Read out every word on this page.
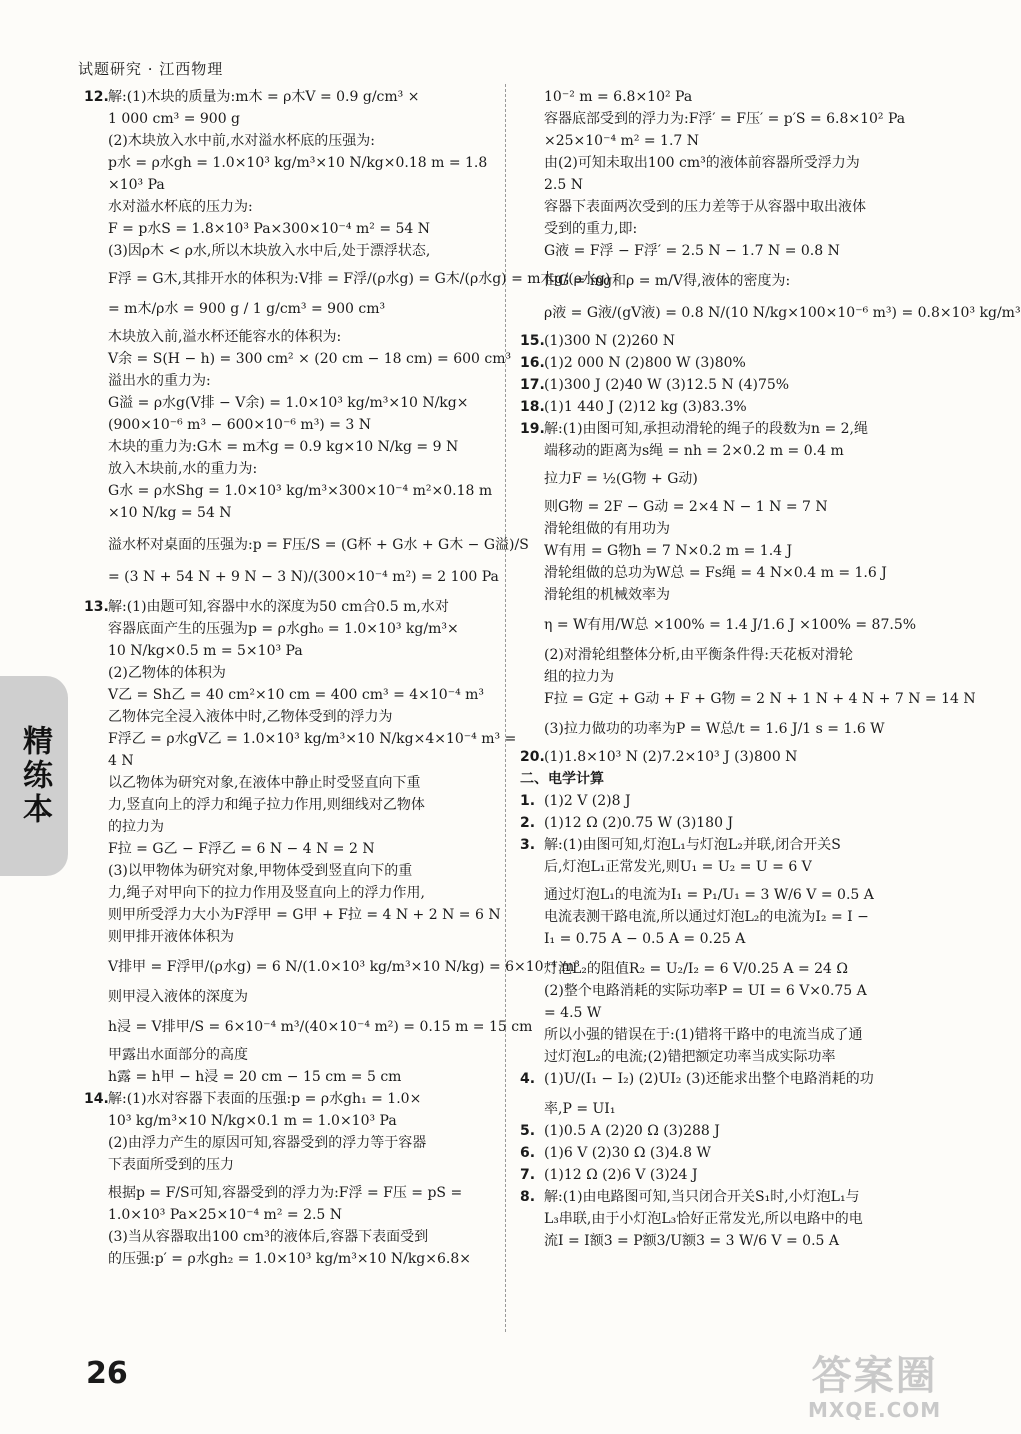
试题研究 · 江西物理
精练本
12. 解:(1)木块的质量为:m木 = ρ木V = 0.9 g/cm³ ×
1 000 cm³ = 900 g
(2)木块放入水中前,水对溢水杯底的压强为:
p水 = ρ水gh = 1.0×10³ kg/m³×10 N/kg×0.18 m = 1.8
×10³ Pa
水对溢水杯底的压力为:
F = p水S = 1.8×10³ Pa×300×10⁻⁴ m² = 54 N
(3)因ρ木 < ρ水,所以木块放入水中后,处于漂浮状态,
F浮 = G木,其排开水的体积为:V排 = F浮/(ρ水g) = G木/(ρ水g) = m木g/(ρ水g)
= m木/ρ水 = 900 g / 1 g/cm³ = 900 cm³
木块放入前,溢水杯还能容水的体积为:
V余 = S(H − h) = 300 cm² × (20 cm − 18 cm) = 600 cm³
溢出水的重力为:
G溢 = ρ水g(V排 − V余) = 1.0×10³ kg/m³×10 N/kg×
(900×10⁻⁶ m³ − 600×10⁻⁶ m³) = 3 N
木块的重力为:G木 = m木g = 0.9 kg×10 N/kg = 9 N
放入木块前,水的重力为:
G水 = ρ水Shg = 1.0×10³ kg/m³×300×10⁻⁴ m²×0.18 m
×10 N/kg = 54 N
溢水杯对桌面的压强为:p = F压/S = (G杯 + G水 + G木 − G溢)/S
= (3 N + 54 N + 9 N − 3 N)/(300×10⁻⁴ m²) = 2 100 Pa
13. 解:(1)由题可知,容器中水的深度为50 cm合0.5 m,水对
容器底面产生的压强为p = ρ水gh₀ = 1.0×10³ kg/m³×
10 N/kg×0.5 m = 5×10³ Pa
(2)乙物体的体积为
V乙 = Sh乙 = 40 cm²×10 cm = 400 cm³ = 4×10⁻⁴ m³
乙物体完全浸入液体中时,乙物体受到的浮力为
F浮乙 = ρ水gV乙 = 1.0×10³ kg/m³×10 N/kg×4×10⁻⁴ m³ =
4 N
以乙物体为研究对象,在液体中静止时受竖直向下重
力,竖直向上的浮力和绳子拉力作用,则细线对乙物体
的拉力为
F拉 = G乙 − F浮乙 = 6 N − 4 N = 2 N
(3)以甲物体为研究对象,甲物体受到竖直向下的重
力,绳子对甲向下的拉力作用及竖直向上的浮力作用,
则甲所受浮力大小为F浮甲 = G甲 + F拉 = 4 N + 2 N = 6 N
则甲排开液体体积为
V排甲 = F浮甲/(ρ水g) = 6 N/(1.0×10³ kg/m³×10 N/kg) = 6×10⁻⁴ m³
则甲浸入液体的深度为
h浸 = V排甲/S = 6×10⁻⁴ m³/(40×10⁻⁴ m²) = 0.15 m = 15 cm
甲露出水面部分的高度
h露 = h甲 − h浸 = 20 cm − 15 cm = 5 cm
14. 解:(1)水对容器下表面的压强:p = ρ水gh₁ = 1.0×
10³ kg/m³×10 N/kg×0.1 m = 1.0×10³ Pa
(2)由浮力产生的原因可知,容器受到的浮力等于容器
下表面所受到的压力
根据p = F/S可知,容器受到的浮力为:F浮 = F压 = pS =
1.0×10³ Pa×25×10⁻⁴ m² = 2.5 N
(3)当从容器取出100 cm³的液体后,容器下表面受到
的压强:p′ = ρ水gh₂ = 1.0×10³ kg/m³×10 N/kg×6.8×
10⁻² m = 6.8×10² Pa
容器底部受到的浮力为:F浮′ = F压′ = p′S = 6.8×10² Pa
×25×10⁻⁴ m² = 1.7 N
由(2)可知未取出100 cm³的液体前容器所受浮力为
2.5 N
容器下表面两次受到的压力差等于从容器中取出液体
受到的重力,即:
G液 = F浮 − F浮′ = 2.5 N − 1.7 N = 0.8 N
由G = mg和ρ = m/V得,液体的密度为:
ρ液 = G液/(gV液) = 0.8 N/(10 N/kg×100×10⁻⁶ m³) = 0.8×10³ kg/m³
15. (1)300 N (2)260 N
16. (1)2 000 N (2)800 W (3)80%
17. (1)300 J (2)40 W (3)12.5 N (4)75%
18. (1)1 440 J (2)12 kg (3)83.3%
19. 解:(1)由图可知,承担动滑轮的绳子的段数为n = 2,绳
端移动的距离为s绳 = nh = 2×0.2 m = 0.4 m
拉力F = ½(G物 + G动)
则G物 = 2F − G动 = 2×4 N − 1 N = 7 N
滑轮组做的有用功为
W有用 = G物h = 7 N×0.2 m = 1.4 J
滑轮组做的总功为W总 = Fs绳 = 4 N×0.4 m = 1.6 J
滑轮组的机械效率为
η = W有用/W总 ×100% = 1.4 J/1.6 J ×100% = 87.5%
(2)对滑轮组整体分析,由平衡条件得:天花板对滑轮
组的拉力为
F拉 = G定 + G动 + F + G物 = 2 N + 1 N + 4 N + 7 N = 14 N
(3)拉力做功的功率为P = W总/t = 1.6 J/1 s = 1.6 W
20. (1)1.8×10³ N (2)7.2×10³ J (3)800 N
二、电学计算
1. (1)2 V (2)8 J
2. (1)12 Ω (2)0.75 W (3)180 J
3. 解:(1)由图可知,灯泡L₁与灯泡L₂并联,闭合开关S
后,灯泡L₁正常发光,则U₁ = U₂ = U = 6 V
通过灯泡L₁的电流为I₁ = P₁/U₁ = 3 W/6 V = 0.5 A
电流表测干路电流,所以通过灯泡L₂的电流为I₂ = I −
I₁ = 0.75 A − 0.5 A = 0.25 A
灯泡L₂的阻值R₂ = U₂/I₂ = 6 V/0.25 A = 24 Ω
(2)整个电路消耗的实际功率P = UI = 6 V×0.75 A
= 4.5 W
所以小强的错误在于:(1)错将干路中的电流当成了通
过灯泡L₂的电流;(2)错把额定功率当成实际功率
4. (1)U/(I₁ − I₂) (2)UI₂ (3)还能求出整个电路消耗的功
率,P = UI₁
5. (1)0.5 A (2)20 Ω (3)288 J
6. (1)6 V (2)30 Ω (3)4.8 W
7. (1)12 Ω (2)6 V (3)24 J
8. 解:(1)由电路图可知,当只闭合开关S₁时,小灯泡L₁与
L₃串联,由于小灯泡L₃恰好正常发光,所以电路中的电
流I = I额3 = P额3/U额3 = 3 W/6 V = 0.5 A
26	答案圈
MXQE.COM
